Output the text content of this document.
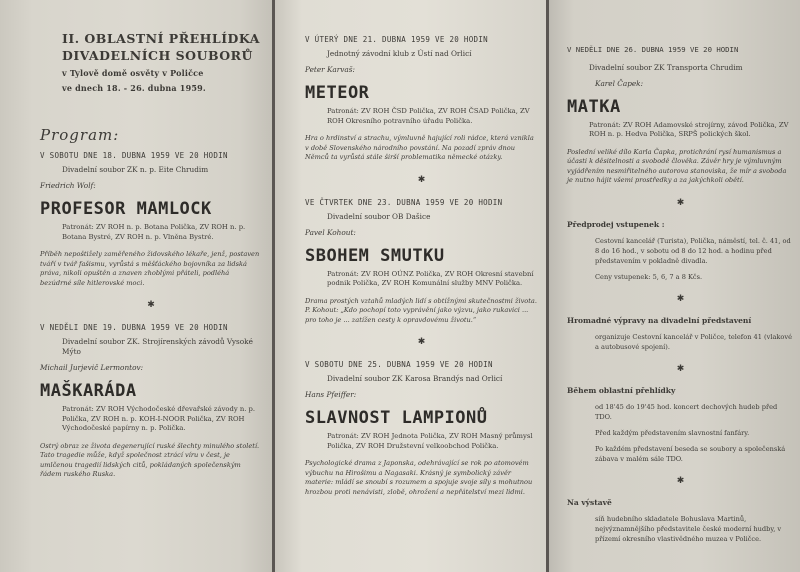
II. OBLASTNÍ PŘEHLÍDKA

DIVADELNÍCH SOUBORŮ

v Tylově domě osvěty v Poličce

ve dnech 18. - 26. dubna 1959.

Program:

V SOBOTU DNE 18. DUBNA 1959 VE 20 HODIN

Divadelní soubor ZK n. p. Eite Chrudim

Friedrich Wolf:

PROFESOR MAMLOCK

Patronát: ZV ROH n. p. Botana Polička, ZV ROH n. p. Botana Bystré, ZV ROH n. p. Vlněna Bystré.

Příběh nepoštižely zaměřeného židovského lékaře, jenž, postaven tváří v tvář fašismu, vyrůstá s měšťáckého bojovníka za lidská práva, nikoli opuštěn a znaven zhoblými přáteli, podléhá bezúdrné síle hitlerovské moci.

✱

V NEDĚLI DNE 19. DUBNA 1959 VE 20 HODIN

Divadelní soubor ZK. Strojírenských závodů Vysoké Mýto

Michail Jurjevič Lermontov:

MAŠKARÁDA

Patronát: ZV ROH Východočeské dřevařské závody n. p. Polička, ZV ROH n. p. KOH-I-NOOR Polička, ZV ROH Východočeské papírny n. p. Polička.

Ostrý obraz ze života degenerující ruské šlechty minulého století. Tato tragedie může, když společnost ztrácí víru v čest, je umlčenou tragedií lidských citů, pokládaných společenským řádem ruského Ruska.

V ÚTERÝ DNE 21. DUBNA 1959 VE 20 HODIN

Jednotný závodní klub z Ústí nad Orlicí

Peter Karvaš:

METEOR

Patronát: ZV ROH ČSD Polička, ZV ROH ČSAD Polička, ZV ROH Okresního potravního úřadu Polička.

Hra o hrdinství a strachu, výmluvně hajující roli rádce, která vznikla v době Slovenského národního povstání. Na pozadí zpráv dnou Němců ta vyrůstá stále širší problematika německé otázky.

✱

VE ČTVRTEK DNE 23. DUBNA 1959 VE 20 HODIN

Divadelní soubor OB Dašice

Pavel Kohout:

SBOHEM SMUTKU

Patronát: ZV ROH OÚNZ Polička, ZV ROH Okresní stavební podnik Polička, ZV ROH Komunální služby MNV Polička.

Drama prostých vztahů mladých lidí s obtížnými skutečnostmi života. P. Kohout: „Kdo pochopí toto vyprávění jako výzvu, jako rukavici ... pro toho je ... zatížen cesty k opravdovému životu.“

✱

V SOBOTU DNE 25. DUBNA 1959 VE 20 HODIN

Divadelní soubor ZK Karosa Brandýs nad Orlicí

Hans Pfeiffer:

SLAVNOST LAMPIONŮ

Patronát: ZV ROH Jednota Polička, ZV ROH Masný průmysl Polička, ZV ROH Družstevní velkoobchod Polička.

Psychologické drama z Japonska, odehrávající se rok po atomovém výbuchu na Hirošimu a Nagasaki. Krásný je symbolický závěr materie: mládí se snoubí s rozumem a spojuje svoje síly s mohutnou hrozbou proti nenávisti, zlobě, ohrožení a nepřátelství mezi lidmi.

V NEDĚLI DNE 26. DUBNA 1959 VE 20 HODIN

Divadelní soubor ZK Transporta Chrudim

Karel Čapek:

MATKA

Patronát: ZV ROH Adamovské strojírny, závod Polička, ZV ROH n. p. Hedva Polička, SRPŠ polických škol.

Poslední veliké dílo Karla Čapka, protichrání rysí humanismus a účasti k děsitelnosti a svobodě člověka. Závěr hry je výmluvným vyjádřením nesmiřitelného autorova stanoviska, že mír a svoboda je nutno hájit všemi prostředky a za jakýchkoli obětí.

✱

Předprodej vstupenek :

Cestovní kancelář (Turista), Polička, náměstí, tel. č. 41, od 8 do 16 hod., v sobotu od 8 do 12 hod. a hodinu před představením v pokladně divadla.

Ceny vstupenek: 5, 6, 7 a 8 Kčs.

✱

Hromadné výpravy na divadelní představení

organizuje Cestovní kancelář v Poličce, telefon 41 (vlakové a autobusové spojení).

✱

Během oblastní přehlídky

od 18'45 do 19'45 hod. koncert dechových hudeb před TDO.

Před každým představením slavnostní fanfáry.

Po každém představení beseda se soubory a společenská zábava v malém sále TDO.

✱

Na výstavě

síň hudebního skladatele Bohuslava Martinů, nejvýznamnějšího představitele české moderní hudby, v přízemí okresního vlastivědného muzea v Poličce.
